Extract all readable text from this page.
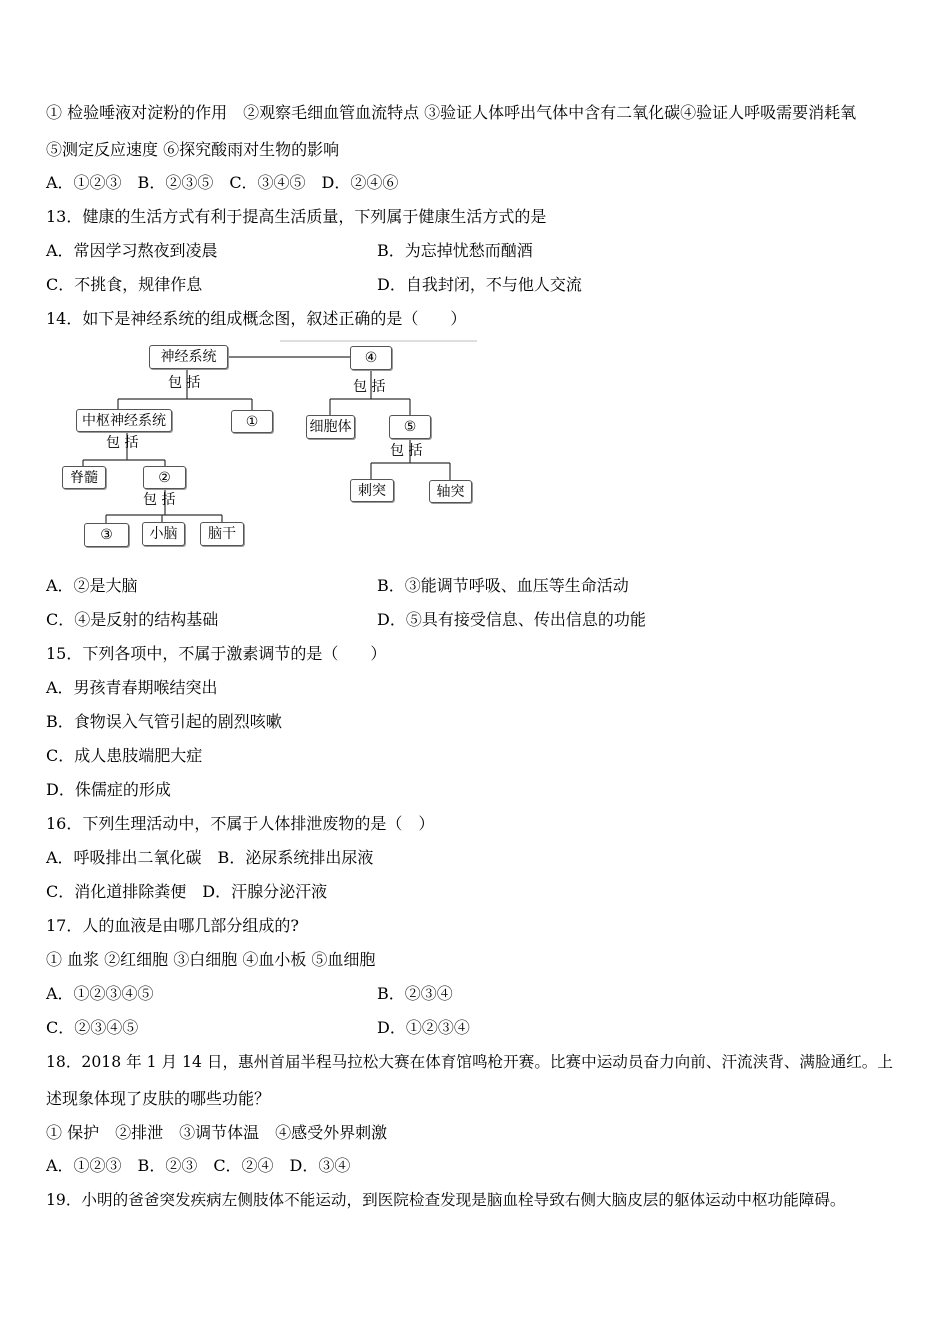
① 检验唾液对淀粉的作用　②观察毛细血管血流特点 ③验证人体呼出气体中含有二氧化碳④验证人呼吸需要消耗氧
⑤测定反应速度 ⑥探究酸雨对生物的影响
A．①②③　B．②③⑤　C．③④⑤　D．②④⑥
13．健康的生活方式有利于提高生活质量，下列属于健康生活方式的是
A．常因学习熬夜到凌晨	B．为忘掉忧愁而酗酒
C．不挑食，规律作息	D．自我封闭，不与他人交流
14．如下是神经系统的组成概念图，叙述正确的是（　　）
神经系统	④
包 括	包 括
中枢神经系统	①	细胞体	⑤
包 括	包 括
脊髓	②
刺突	轴突
包 括
③	小脑	脑干
A．②是大脑	B．③能调节呼吸、血压等生命活动
C．④是反射的结构基础	D．⑤具有接受信息、传出信息的功能
15．下列各项中，不属于激素调节的是（　　）
A．男孩青春期喉结突出
B．食物误入气管引起的剧烈咳嗽
C．成人患肢端肥大症
D．侏儒症的形成
16．下列生理活动中，不属于人体排泄废物的是（　）
A．呼吸排出二氧化碳　B．泌尿系统排出尿液
C．消化道排除粪便　D．汗腺分泌汗液
17．人的血液是由哪几部分组成的?
① 血浆 ②红细胞 ③白细胞 ④血小板 ⑤血细胞
A．①②③④⑤	B．②③④
C．②③④⑤	D．①②③④
18．2018 年 1 月 14 日，惠州首届半程马拉松大赛在体育馆鸣枪开赛。比赛中运动员奋力向前、汗流浃背、满脸通红。上
述现象体现了皮肤的哪些功能？
① 保护　②排泄　③调节体温　④感受外界刺激
A．①②③　B．②③　C．②④　D．③④
19．小明的爸爸突发疾病左侧肢体不能运动，到医院检查发现是脑血栓导致右侧大脑皮层的躯体运动中枢功能障碍。
